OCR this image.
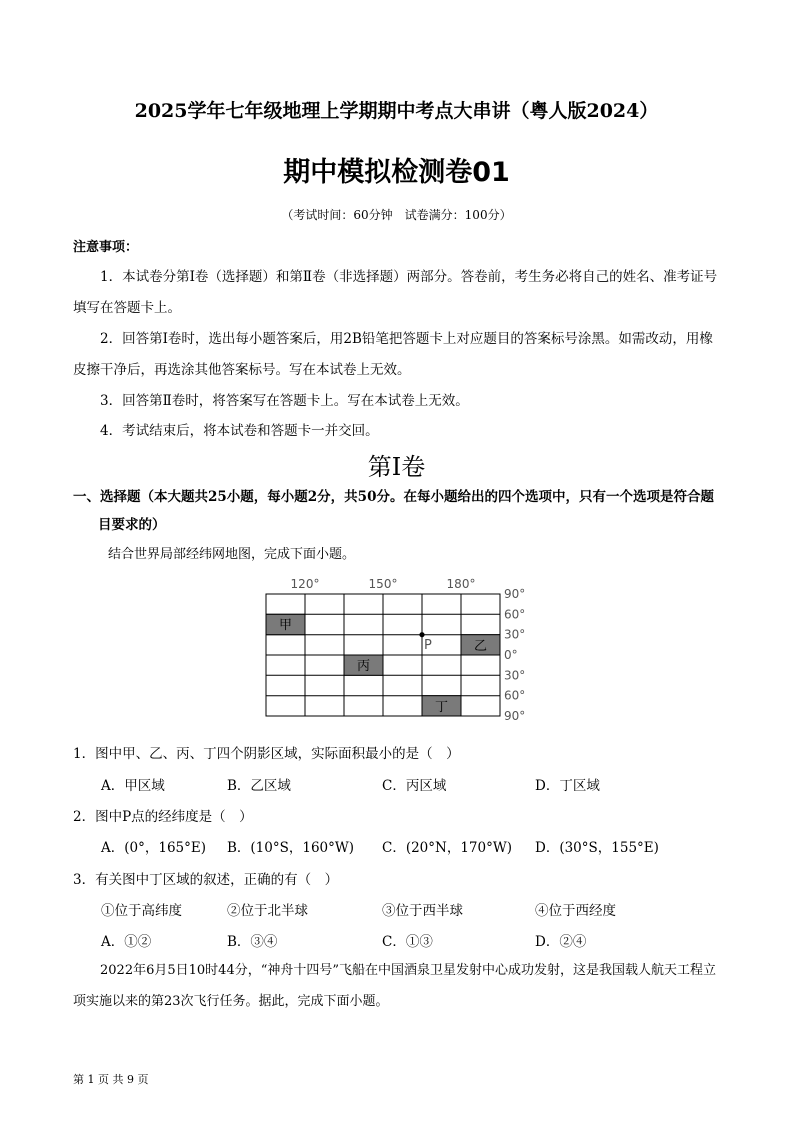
2025学年七年级地理上学期期中考点大串讲（粤人版2024）
期中模拟检测卷01
（考试时间：60分钟　试卷满分：100分）
注意事项：
1．本试卷分第Ⅰ卷（选择题）和第Ⅱ卷（非选择题）两部分。答卷前，考生务必将自己的姓名、准考证号填写在答题卡上。
2．回答第Ⅰ卷时，选出每小题答案后，用2B铅笔把答题卡上对应题目的答案标号涂黑。如需改动，用橡皮擦干净后，再选涂其他答案标号。写在本试卷上无效。
3．回答第Ⅱ卷时，将答案写在答题卡上。写在本试卷上无效。
4．考试结束后，将本试卷和答题卡一并交回。
第Ⅰ卷
一、选择题（本大题共25小题，每小题2分，共50分。在每小题给出的四个选项中，只有一个选项是符合题目要求的）
结合世界局部经纬网地图，完成下面小题。
甲
乙
丙
丁
P
120°	150°	180°
90°
60°
30°
0°
30°
60°
90°
1．图中甲、乙、丙、丁四个阴影区域，实际面积最小的是（　）
A．甲区域	B．乙区域	C．丙区域	D．丁区域
2．图中P点的经纬度是（　）
A．(0°，165°E) B．(10°S，160°W) C．(20°N，170°W) D．(30°S，155°E)
3．有关图中丁区域的叙述，正确的有（　）
①位于高纬度	②位于北半球	③位于西半球	④位于西经度
A．①②	B．③④	C．①③	D．②④
2022年6月5日10时44分，“神舟十四号”飞船在中国酒泉卫星发射中心成功发射，这是我国载人航天工程立项实施以来的第23次飞行任务。据此，完成下面小题。
第 1 页 共 9 页
